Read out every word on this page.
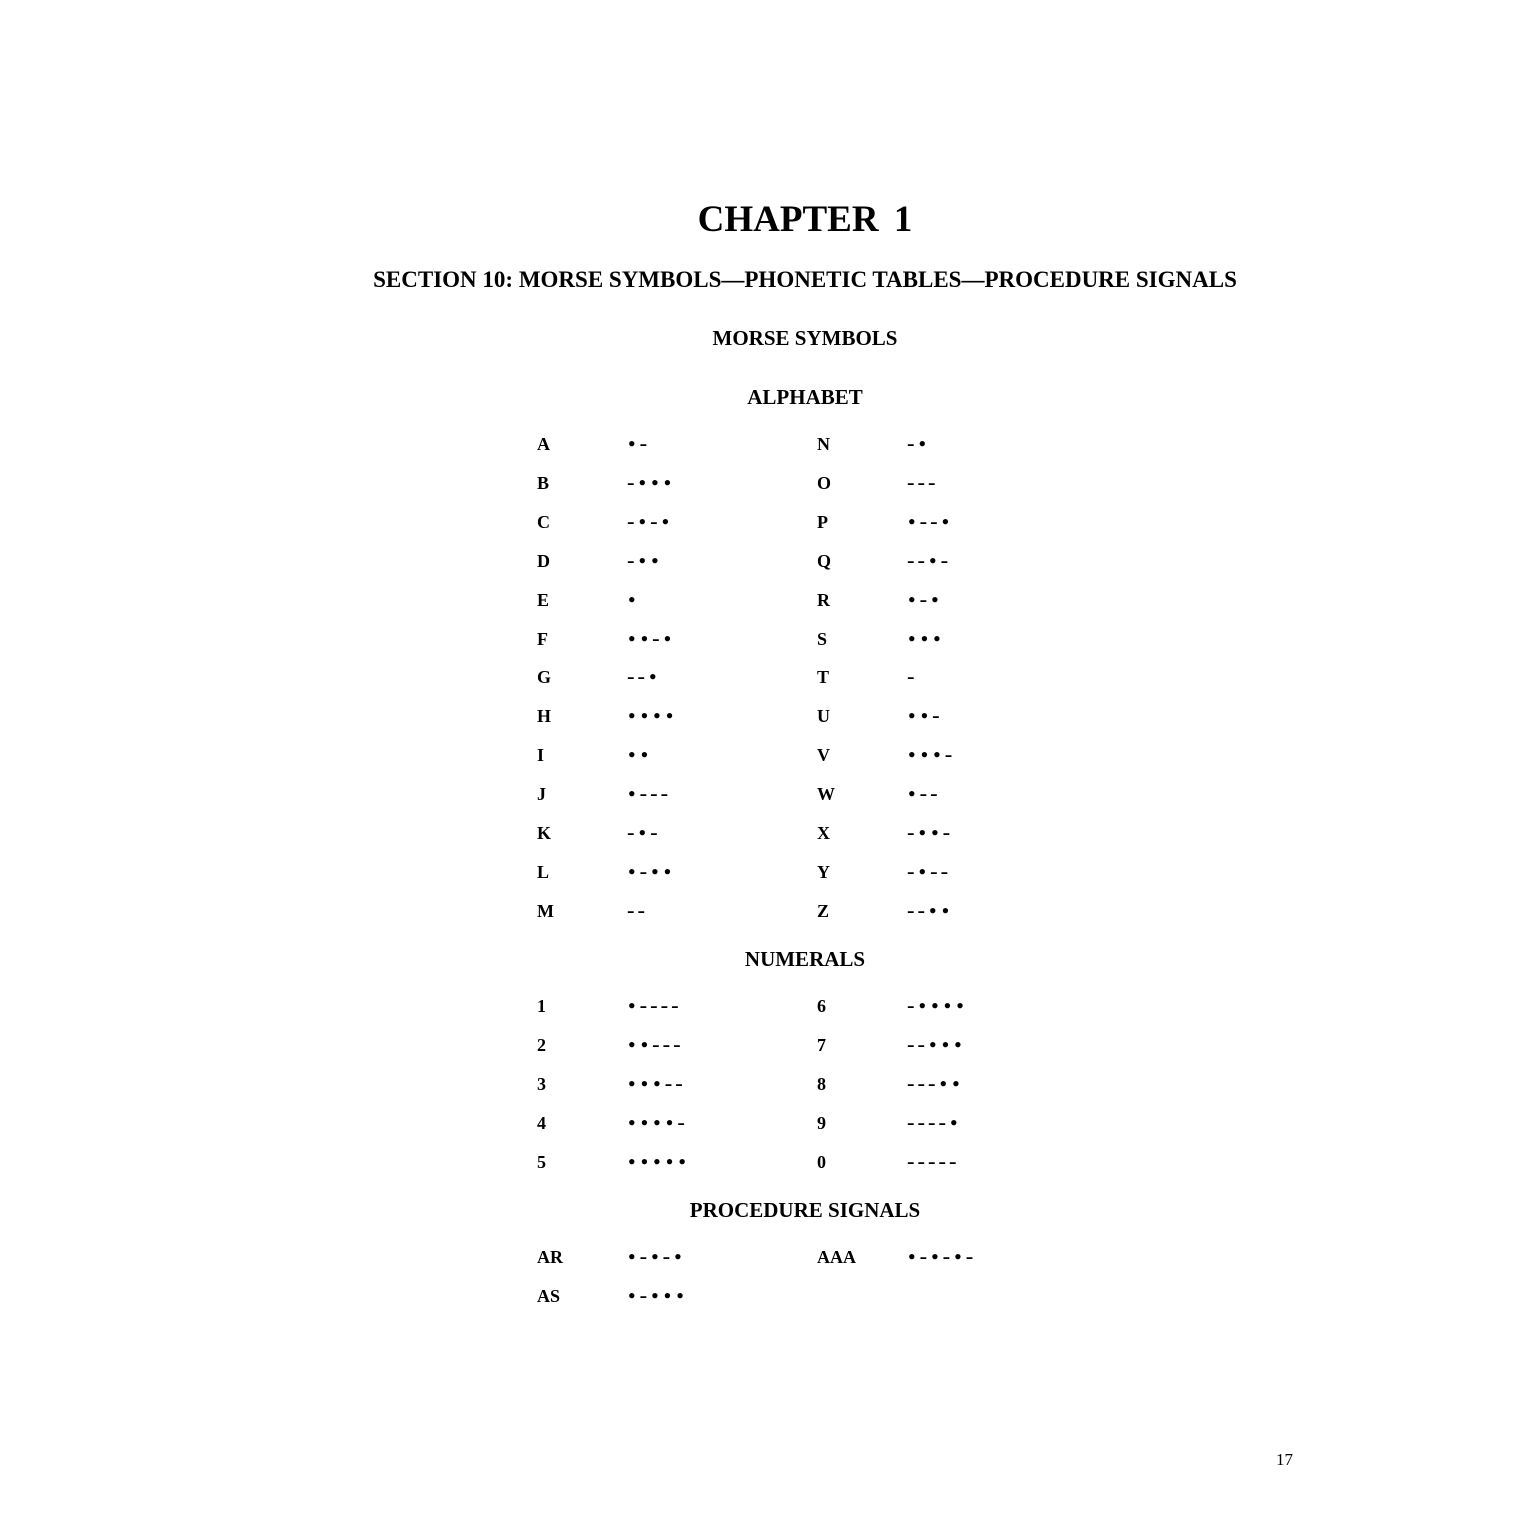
CHAPTER 1
SECTION 10: MORSE SYMBOLS—PHONETIC TABLES—PROCEDURE SIGNALS
MORSE SYMBOLS
ALPHABET
NUMERALS
PROCEDURE SIGNALS
A	•–
B	–•••
C	–•–•
D	–••
E	•
F	••–•
G	––•
H	••••
I	••
J	•–––
K	–•–
L	•–••
M	––
N	–•
O	–––
P	•––•
Q	––•–
R	•–•
S	•••
T	–
U	••–
V	•••–
W	•––
X	–••–
Y	–•––
Z	––••
1	•––––
2	••–––
3	•••––
4	••••–
5	•••••
6	–••••
7	––•••
8	–––••
9	––––•
0	–––––
AR	•–•–•
AS	•–•••
AAA	•–•–•–
17
